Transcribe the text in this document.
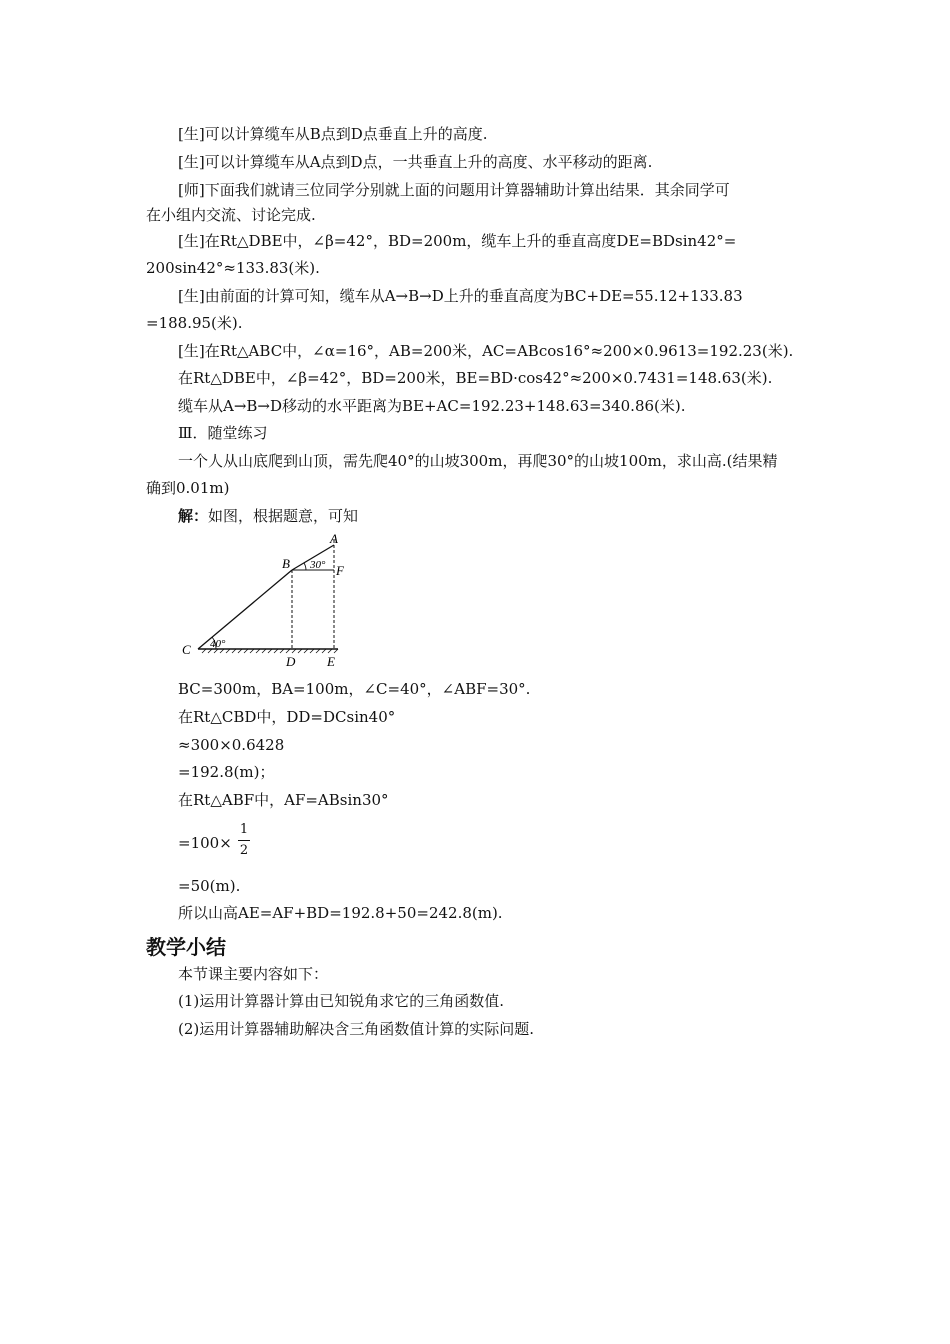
[生]可以计算缆车从B点到D点垂直上升的高度.
[生]可以计算缆车从A点到D点，一共垂直上升的高度、水平移动的距离.
[师]下面我们就请三位同学分别就上面的问题用计算器辅助计算出结果．其余同学可
在小组内交流、讨论完成.
[生]在Rt△DBE中，∠β=42°，BD=200m，缆车上升的垂直高度DE=BDsin42°=
200sin42°≈133.83(米).
[生]由前面的计算可知，缆车从A→B→D上升的垂直高度为BC+DE=55.12+133.83
=188.95(米).
[生]在Rt△ABC中，∠α=16°，AB=200米，AC=ABcos16°≈200×0.9613=192.23(米).
在Rt△DBE中，∠β=42°，BD=200米，BE=BD·cos42°≈200×0.7431=148.63(米).
缆车从A→B→D移动的水平距离为BE+AC=192.23+148.63=340.86(米).
Ⅲ．随堂练习
一个人从山底爬到山顶，需先爬40°的山坡300m，再爬30°的山坡100m，求山高.(结果精
确到0.01m)
解：如图，根据题意，可知
A
B	F
C
D E
30°
40°
BC=300m，BA=100m，∠C=40°，∠ABF=30°.
在Rt△CBD中，DD=DCsin40°
≈300×0.6428
=192.8(m)；
在Rt△ABF中，AF=ABsin30°
=100×
1
2
=50(m).
所以山高AE=AF+BD=192.8+50=242.8(m).
教学小结
本节课主要内容如下：
(1)运用计算器计算由已知锐角求它的三角函数值.
(2)运用计算器辅助解决含三角函数值计算的实际问题.
